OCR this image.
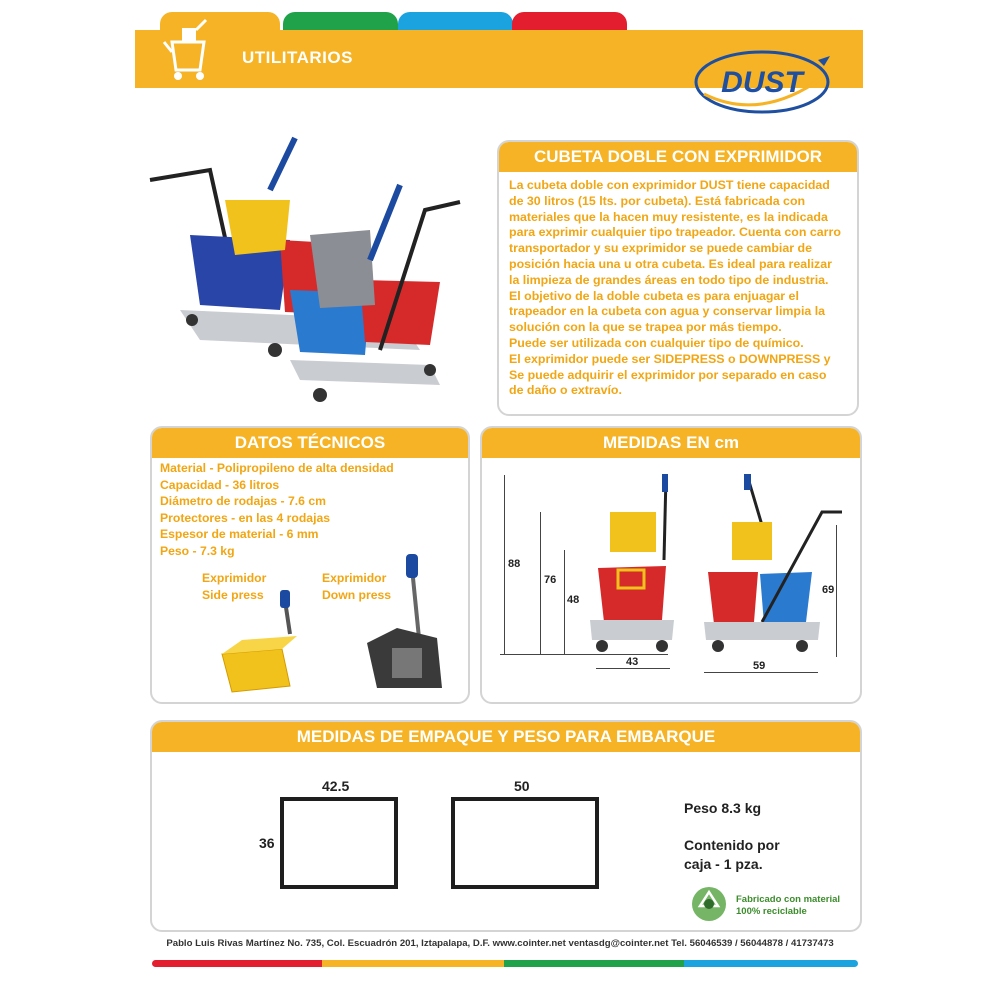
UTILITARIOS
DUST
CUBETA DOBLE CON EXPRIMIDOR
La cubeta doble con exprimidor DUST tiene capacidad
de 30 litros (15 lts. por cubeta). Está fabricada con
materiales que la hacen muy resistente, es la indicada
para exprimir cualquier tipo trapeador. Cuenta con carro
transportador y su exprimidor se puede cambiar de
posición hacia una u otra cubeta. Es ideal para realizar
la limpieza de grandes áreas en todo tipo de industria.
El objetivo de la doble cubeta es para enjuagar el
trapeador en la cubeta con agua y conservar limpia la
solución con la que se trapea por más tiempo.
Puede ser utilizada con cualquier tipo de químico.
El exprimidor puede ser SIDEPRESS o DOWNPRESS y
Se puede adquirir el exprimidor por separado en caso
de daño o extravío.
DATOS TÉCNICOS
Material - Polipropileno de alta densidad
Capacidad - 36 litros
Diámetro de rodajas - 7.6 cm
Protectores - en las 4 rodajas
Espesor de material - 6 mm
Peso - 7.3 kg
Exprimidor
Side press
Exprimidor
Down press
MEDIDAS EN cm
88
76
48
43	59
69
MEDIDAS DE EMPAQUE Y PESO PARA EMBARQUE
42.5
36
50
Peso 8.3 kg
Contenido por
caja - 1 pza.
Fabricado con material
100% reciclable
Pablo Luis Rivas Martínez No. 735, Col. Escuadrón 201, Iztapalapa, D.F. www.cointer.net ventasdg@cointer.net Tel. 56046539 / 56044878 / 41737473
